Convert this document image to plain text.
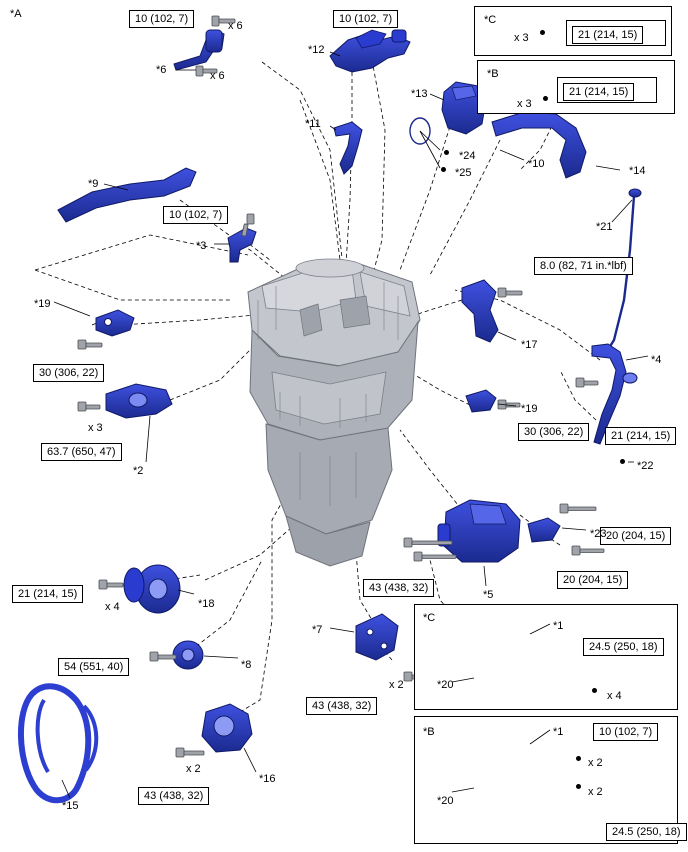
10 (102, 7)	10 (102, 7)
21 (214, 15)
21 (214, 15)
10 (102, 7)
8.0 (82, 71 in.*lbf)
30 (306, 22)
30 (306, 22)	21 (214, 15)
63.7 (650, 47)
20 (204, 15)
20 (204, 15)
21 (214, 15)	43 (438, 32)
24.5 (250, 18)
54 (551, 40)
43 (438, 32)
10 (102, 7)
43 (438, 32)
24.5 (250, 18)
*A
*6
x 6
x 6
*12
*C
x 3
*B
x 3
*13
*11
*24
*25
*10
*14
*9
*3
*21
*19
*17
*4
x 3
*19
*2	*22
*23
*5
x 4	*18
*7
*C
*1
*8
*20
x 2
x 4
*B	*1
x 2
x 2
x 2
*16
*20
*15
